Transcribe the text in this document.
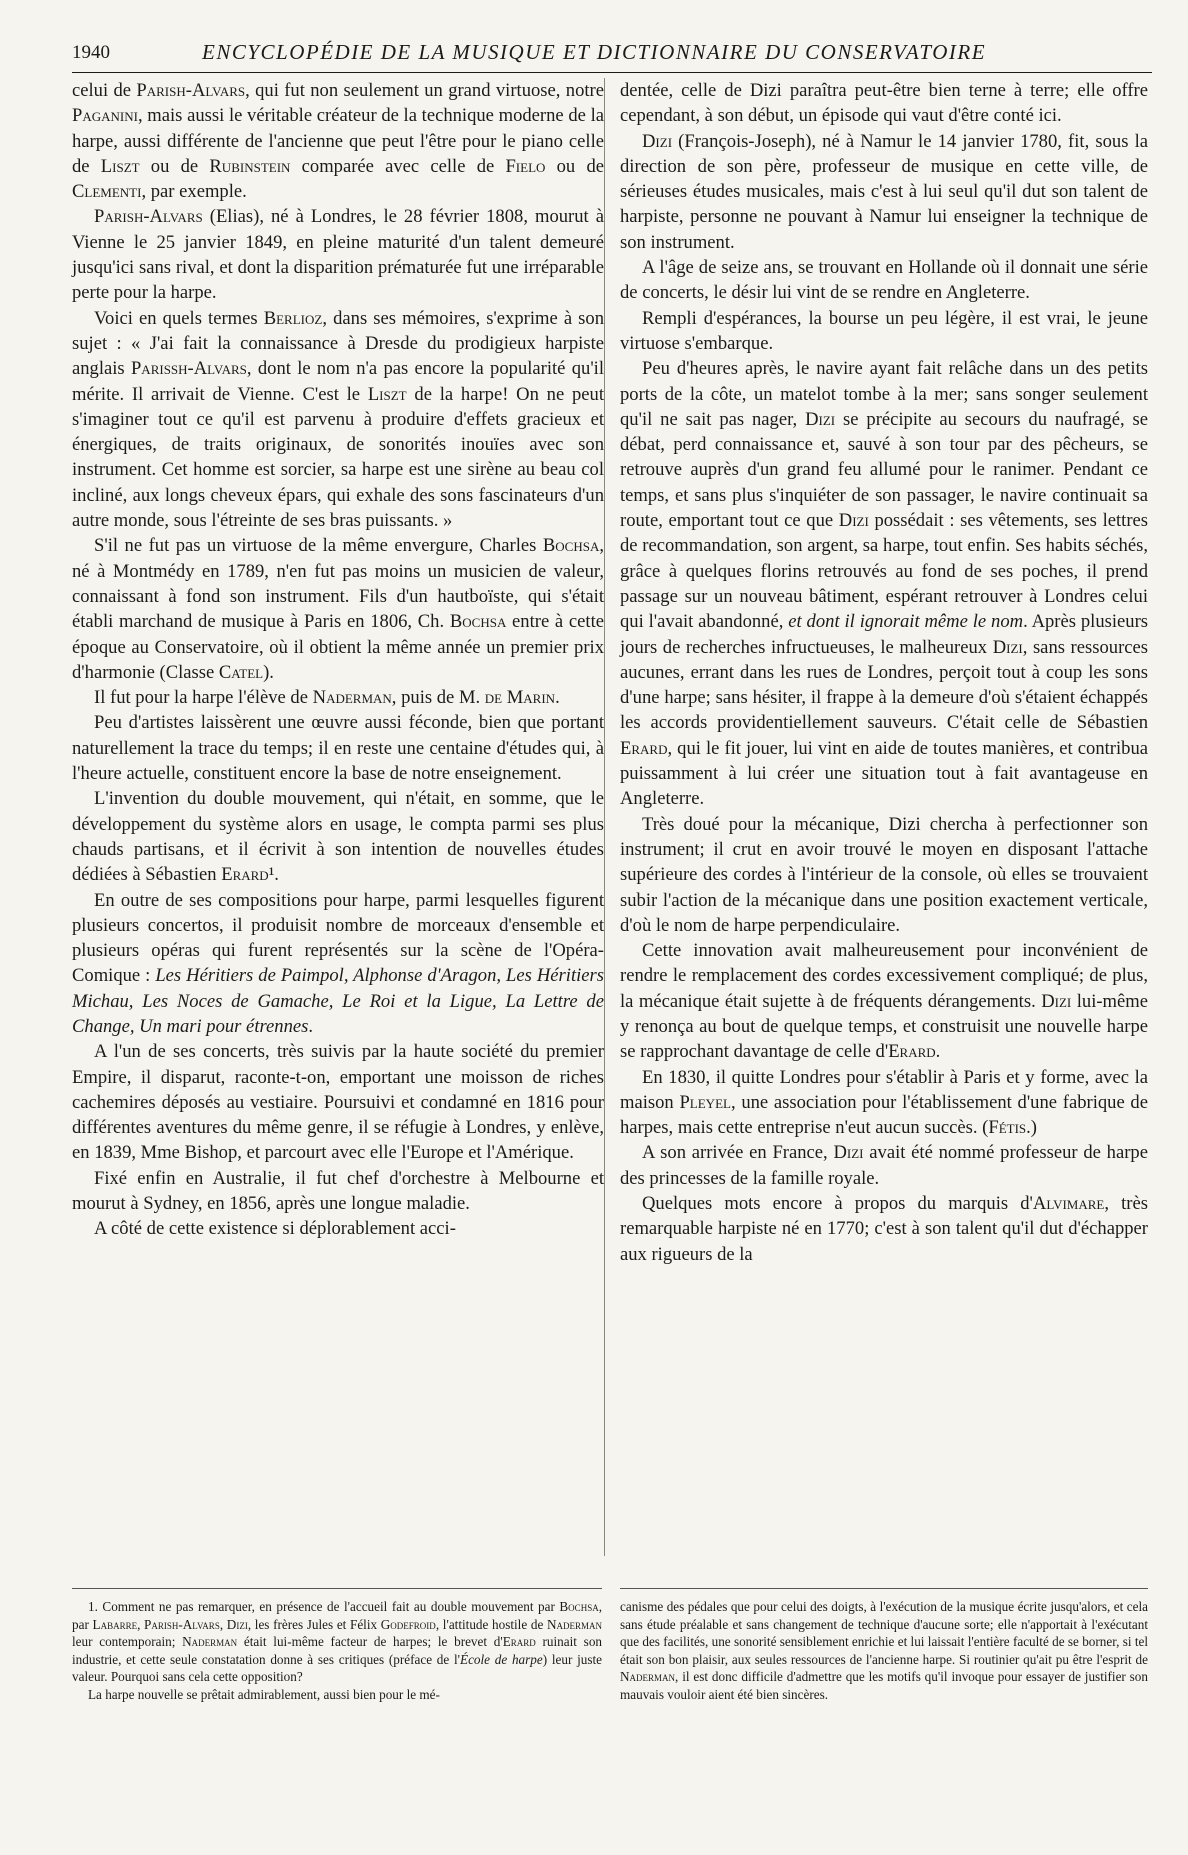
1940	ENCYCLOPÉDIE DE LA MUSIQUE ET DICTIONNAIRE DU CONSERVATOIRE

celui de Parish-Alvars, qui fut non seulement un grand virtuose, notre Paganini, mais aussi le véritable créateur de la technique moderne de la harpe, aussi différente de l'ancienne que peut l'être pour le piano celle de Liszt ou de Rubinstein comparée avec celle de Fielo ou de Clementi, par exemple.

Parish-Alvars (Elias), né à Londres, le 28 février 1808, mourut à Vienne le 25 janvier 1849, en pleine maturité d'un talent demeuré jusqu'ici sans rival, et dont la disparition prématurée fut une irréparable perte pour la harpe.

Voici en quels termes Berlioz, dans ses mémoires, s'exprime à son sujet : « J'ai fait la connaissance à Dresde du prodigieux harpiste anglais Parissh-Alvars, dont le nom n'a pas encore la popularité qu'il mérite. Il arrivait de Vienne. C'est le Liszt de la harpe! On ne peut s'imaginer tout ce qu'il est parvenu à produire d'effets gracieux et énergiques, de traits originaux, de sonorités inouïes avec son instrument. Cet homme est sorcier, sa harpe est une sirène au beau col incliné, aux longs cheveux épars, qui exhale des sons fascinateurs d'un autre monde, sous l'étreinte de ses bras puissants. »

S'il ne fut pas un virtuose de la même envergure, Charles Bochsa, né à Montmédy en 1789, n'en fut pas moins un musicien de valeur, connaissant à fond son instrument. Fils d'un hautboïste, qui s'était établi marchand de musique à Paris en 1806, Ch. Bochsa entre à cette époque au Conservatoire, où il obtient la même année un premier prix d'harmonie (Classe Catel).

Il fut pour la harpe l'élève de Naderman, puis de M. de Marin.

Peu d'artistes laissèrent une œuvre aussi féconde, bien que portant naturellement la trace du temps; il en reste une centaine d'études qui, à l'heure actuelle, constituent encore la base de notre enseignement.

L'invention du double mouvement, qui n'était, en somme, que le développement du système alors en usage, le compta parmi ses plus chauds partisans, et il écrivit à son intention de nouvelles études dédiées à Sébastien Erard¹.

En outre de ses compositions pour harpe, parmi lesquelles figurent plusieurs concertos, il produisit nombre de morceaux d'ensemble et plusieurs opéras qui furent représentés sur la scène de l'Opéra-Comique : Les Héritiers de Paimpol, Alphonse d'Aragon, Les Héritiers Michau, Les Noces de Gamache, Le Roi et la Ligue, La Lettre de Change, Un mari pour étrennes.

A l'un de ses concerts, très suivis par la haute société du premier Empire, il disparut, raconte-t-on, emportant une moisson de riches cachemires déposés au vestiaire. Poursuivi et condamné en 1816 pour différentes aventures du même genre, il se réfugie à Londres, y enlève, en 1839, Mme Bishop, et parcourt avec elle l'Europe et l'Amérique.

Fixé enfin en Australie, il fut chef d'orchestre à Melbourne et mourut à Sydney, en 1856, après une longue maladie.

A côté de cette existence si déplorablement acci-

dentée, celle de Dizi paraîtra peut-être bien terne à terre; elle offre cependant, à son début, un épisode qui vaut d'être conté ici.

Dizi (François-Joseph), né à Namur le 14 janvier 1780, fit, sous la direction de son père, professeur de musique en cette ville, de sérieuses études musicales, mais c'est à lui seul qu'il dut son talent de harpiste, personne ne pouvant à Namur lui enseigner la technique de son instrument.

A l'âge de seize ans, se trouvant en Hollande où il donnait une série de concerts, le désir lui vint de se rendre en Angleterre.

Rempli d'espérances, la bourse un peu légère, il est vrai, le jeune virtuose s'embarque.

Peu d'heures après, le navire ayant fait relâche dans un des petits ports de la côte, un matelot tombe à la mer; sans songer seulement qu'il ne sait pas nager, Dizi se précipite au secours du naufragé, se débat, perd connaissance et, sauvé à son tour par des pêcheurs, se retrouve auprès d'un grand feu allumé pour le ranimer. Pendant ce temps, et sans plus s'inquiéter de son passager, le navire continuait sa route, emportant tout ce que Dizi possédait : ses vêtements, ses lettres de recommandation, son argent, sa harpe, tout enfin. Ses habits séchés, grâce à quelques florins retrouvés au fond de ses poches, il prend passage sur un nouveau bâtiment, espérant retrouver à Londres celui qui l'avait abandonné, et dont il ignorait même le nom. Après plusieurs jours de recherches infructueuses, le malheureux Dizi, sans ressources aucunes, errant dans les rues de Londres, perçoit tout à coup les sons d'une harpe; sans hésiter, il frappe à la demeure d'où s'étaient échappés les accords providentiellement sauveurs. C'était celle de Sébastien Erard, qui le fit jouer, lui vint en aide de toutes manières, et contribua puissamment à lui créer une situation tout à fait avantageuse en Angleterre.

Très doué pour la mécanique, Dizi chercha à perfectionner son instrument; il crut en avoir trouvé le moyen en disposant l'attache supérieure des cordes à l'intérieur de la console, où elles se trouvaient subir l'action de la mécanique dans une position exactement verticale, d'où le nom de harpe perpendiculaire.

Cette innovation avait malheureusement pour inconvénient de rendre le remplacement des cordes excessivement compliqué; de plus, la mécanique était sujette à de fréquents dérangements. Dizi lui-même y renonça au bout de quelque temps, et construisit une nouvelle harpe se rapprochant davantage de celle d'Erard.

En 1830, il quitte Londres pour s'établir à Paris et y forme, avec la maison Pleyel, une association pour l'établissement d'une fabrique de harpes, mais cette entreprise n'eut aucun succès. (Fétis.)

A son arrivée en France, Dizi avait été nommé professeur de harpe des princesses de la famille royale.

Quelques mots encore à propos du marquis d'Alvimare, très remarquable harpiste né en 1770; c'est à son talent qu'il dut d'échapper aux rigueurs de la

1. Comment ne pas remarquer, en présence de l'accueil fait au double mouvement par Bochsa, par Labarre, Parish-Alvars, Dizi, les frères Jules et Félix Godefroid, l'attitude hostile de Naderman leur contemporain; Naderman était lui-même facteur de harpes; le brevet d'Erard ruinait son industrie, et cette seule constatation donne à ses critiques (préface de l'École de harpe) leur juste valeur. Pourquoi sans cela cette opposition?

La harpe nouvelle se prêtait admirablement, aussi bien pour le mé-

canisme des pédales que pour celui des doigts, à l'exécution de la musique écrite jusqu'alors, et cela sans étude préalable et sans changement de technique d'aucune sorte; elle n'apportait à l'exécutant que des facilités, une sonorité sensiblement enrichie et lui laissait l'entière faculté de se borner, si tel était son bon plaisir, aux seules ressources de l'ancienne harpe. Si routinier qu'ait pu être l'esprit de Naderman, il est donc difficile d'admettre que les motifs qu'il invoque pour essayer de justifier son mauvais vouloir aient été bien sincères.
